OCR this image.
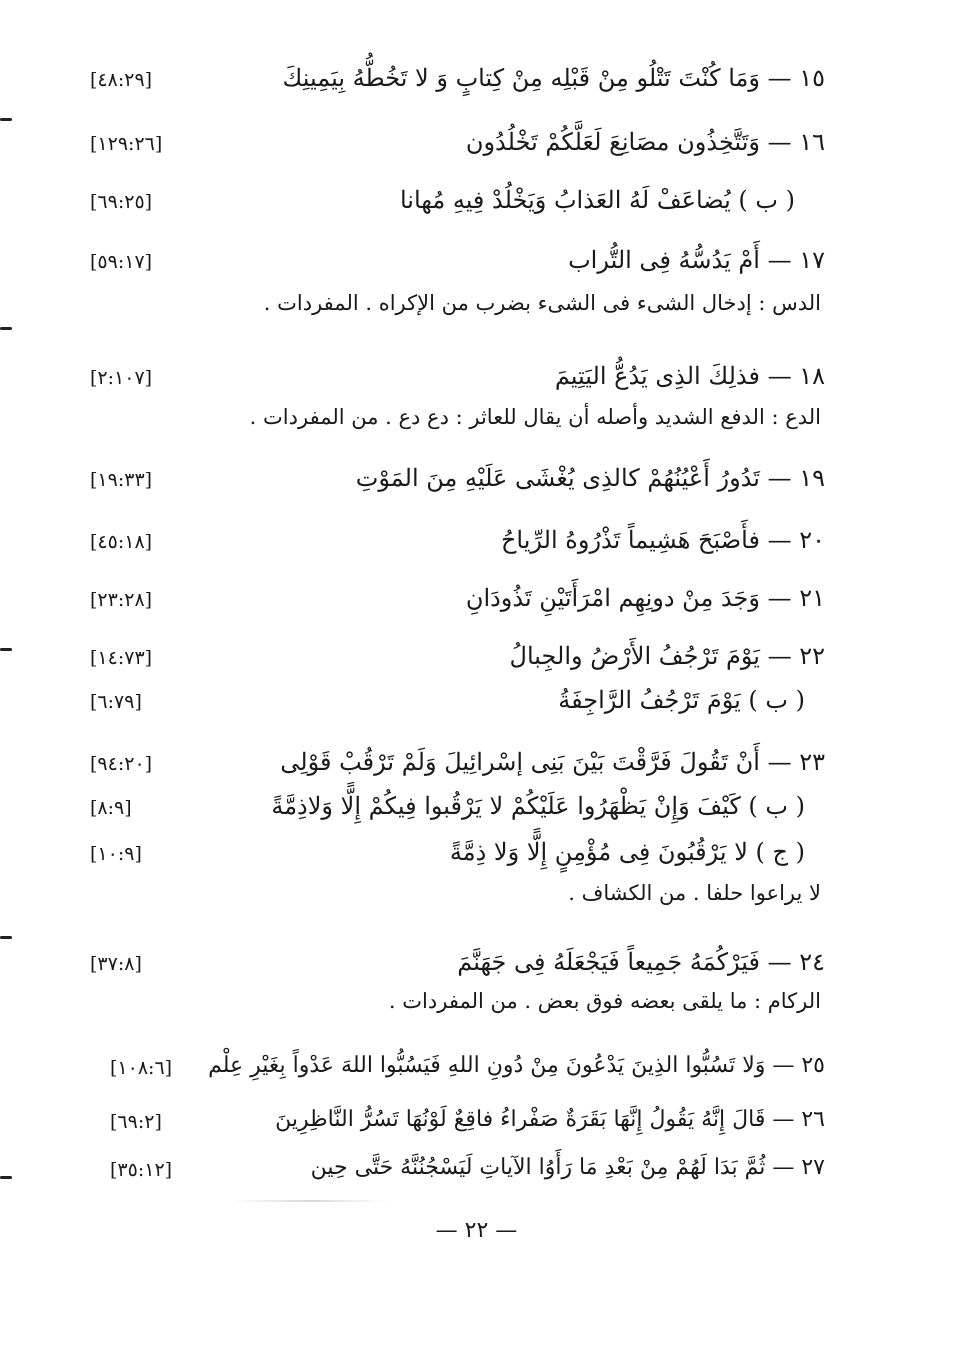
١٥ — وَمَا كُنْتَ تَتْلُو مِنْ قَبْلِه مِنْ كِتابٍ وَ لا تَخُطُّهُ بِيَمِينِكَ
[٤٨:٢٩]
١٦ — وَتَتَّخِذُون مصَانِعَ لَعَلَّكُمْ تَخْلُدُون
[١٢٩:٢٦]
( ب ) يُضاعَفْ لَهُ العَذابُ وَيَخْلُدْ فِيهِ مُهانا
[٦٩:٢٥]
١٧ — أَمْ يَدُسُّهُ فِى التُّراب
[٥٩:١٧]
الدس : إدخال الشىء فى الشىء بضرب من الإكراه . المفردات .
١٨ — فذلِكَ الذِى يَدُعُّ اليَتِيمَ
[٢:١٠٧]
الدع : الدفع الشديد وأصله أن يقال للعاثر : دع دع . من المفردات .
١٩ — تَدُورُ أَعْيُنُهُمْ كالذِى يُغْشَى عَلَيْهِ مِنَ المَوْتِ
[١٩:٣٣]
٢٠ — فأَصْبَحَ هَشِيماً تَذْرُوهُ الرِّياحُ
[٤٥:١٨]
٢١ — وَجَدَ مِنْ دونِهِم امْرَأَتَيْنِ تَذُودَانِ
[٢٣:٢٨]
٢٢ — يَوْمَ تَرْجُفُ الأَرْضُ والجِبالُ
[١٤:٧٣]
( ب ) يَوْمَ تَرْجُفُ الرَّاجِفَةُ
[٦:٧٩]
٢٣ — أَنْ تَقُولَ فَرَّقْتَ بَيْنَ بَنِى إسْرائِيلَ وَلَمْ تَرْقُبْ قَوْلِى
[٩٤:٢٠]
( ب ) كَيْفَ وَإِنْ يَظْهَرُوا عَلَيْكُمْ لا يَرْقُبوا فِيكُمْ إِلًّا وَلاذِمَّةً
[٨:٩]
( ج ) لا يَرْقُبُونَ فِى مُؤْمِنٍ إِلًّا وَلا ذِمَّةً
[١٠:٩]
لا يراعوا حلفا . من الكشاف .
٢٤ — فَيَرْكُمَهُ جَمِيعاً فَيَجْعَلَهُ فِى جَهَنَّمَ
[٣٧:٨]
الركام : ما يلقى بعضه فوق بعض . من المفردات .
٢٥ — وَلا تَسُبُّوا الذِينَ يَدْعُونَ مِنْ دُونِ اللهِ فَيَسُبُّوا اللهَ عَدْواً بِغَيْرِ عِلْم
[١٠٨:٦]
٢٦ — قَالَ إِنَّهُ يَقُولُ إِنَّهَا بَقَرَةٌ صَفْراءُ فاقِعٌ لَوْنُهَا تَسُرُّ النَّاظِرِينَ
[٦٩:٢]
٢٧ — ثُمَّ بَدَا لَهُمْ مِنْ بَعْدِ مَا رَأَوُا الآياتِ لَيَسْجُنُنَّهُ حَتَّى حِين
[٣٥:١٢]
— ٢٢ —
